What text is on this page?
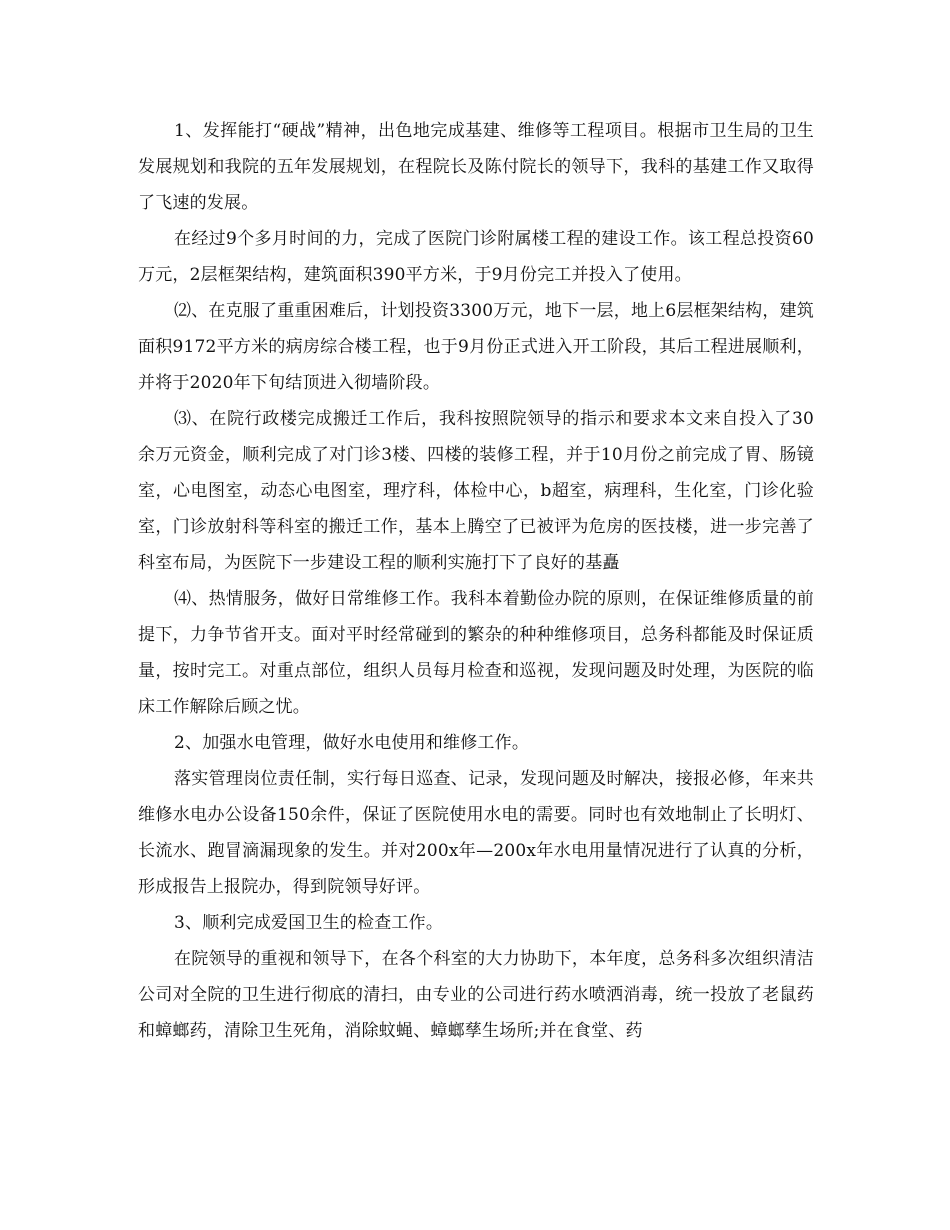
1、发挥能打“硬战”精神，出色地完成基建、维修等工程项目。根据市卫生局的卫生发展规划和我院的五年发展规划，在程院长及陈付院长的领导下，我科的基建工作又取得了飞速的发展。

在经过9个多月时间的力，完成了医院门诊附属楼工程的建设工作。该工程总投资60万元，2层框架结构，建筑面积390平方米，于9月份完工并投入了使用。

⑵、在克服了重重困难后，计划投资3300万元，地下一层，地上6层框架结构，建筑面积9172平方米的病房综合楼工程，也于9月份正式进入开工阶段，其后工程进展顺利，并将于2020年下旬结顶进入彻墙阶段。

⑶、在院行政楼完成搬迁工作后，我科按照院领导的指示和要求本文来自投入了30余万元资金，顺利完成了对门诊3楼、四楼的装修工程，并于10月份之前完成了胃、肠镜室，心电图室，动态心电图室，理疗科，体检中心，b超室，病理科，生化室，门诊化验室，门诊放射科等科室的搬迁工作，基本上腾空了已被评为危房的医技楼，进一步完善了科室布局，为医院下一步建设工程的顺利实施打下了良好的基矗

⑷、热情服务，做好日常维修工作。我科本着勤俭办院的原则，在保证维修质量的前提下，力争节省开支。面对平时经常碰到的繁杂的种种维修项目，总务科都能及时保证质量，按时完工。对重点部位，组织人员每月检查和巡视，发现问题及时处理，为医院的临床工作解除后顾之忧。

2、加强水电管理，做好水电使用和维修工作。

落实管理岗位责任制，实行每日巡查、记录，发现问题及时解决，接报必修，年来共维修水电办公设备150余件，保证了医院使用水电的需要。同时也有效地制止了长明灯、长流水、跑冒滴漏现象的发生。并对200x年—200x年水电用量情况进行了认真的分析，形成报告上报院办，得到院领导好评。

3、顺利完成爱国卫生的检查工作。

在院领导的重视和领导下，在各个科室的大力协助下，本年度，总务科多次组织清洁公司对全院的卫生进行彻底的清扫，由专业的公司进行药水喷洒消毒，统一投放了老鼠药和蟑螂药，清除卫生死角，消除蚊蝇、蟑螂孳生场所;并在食堂、药
